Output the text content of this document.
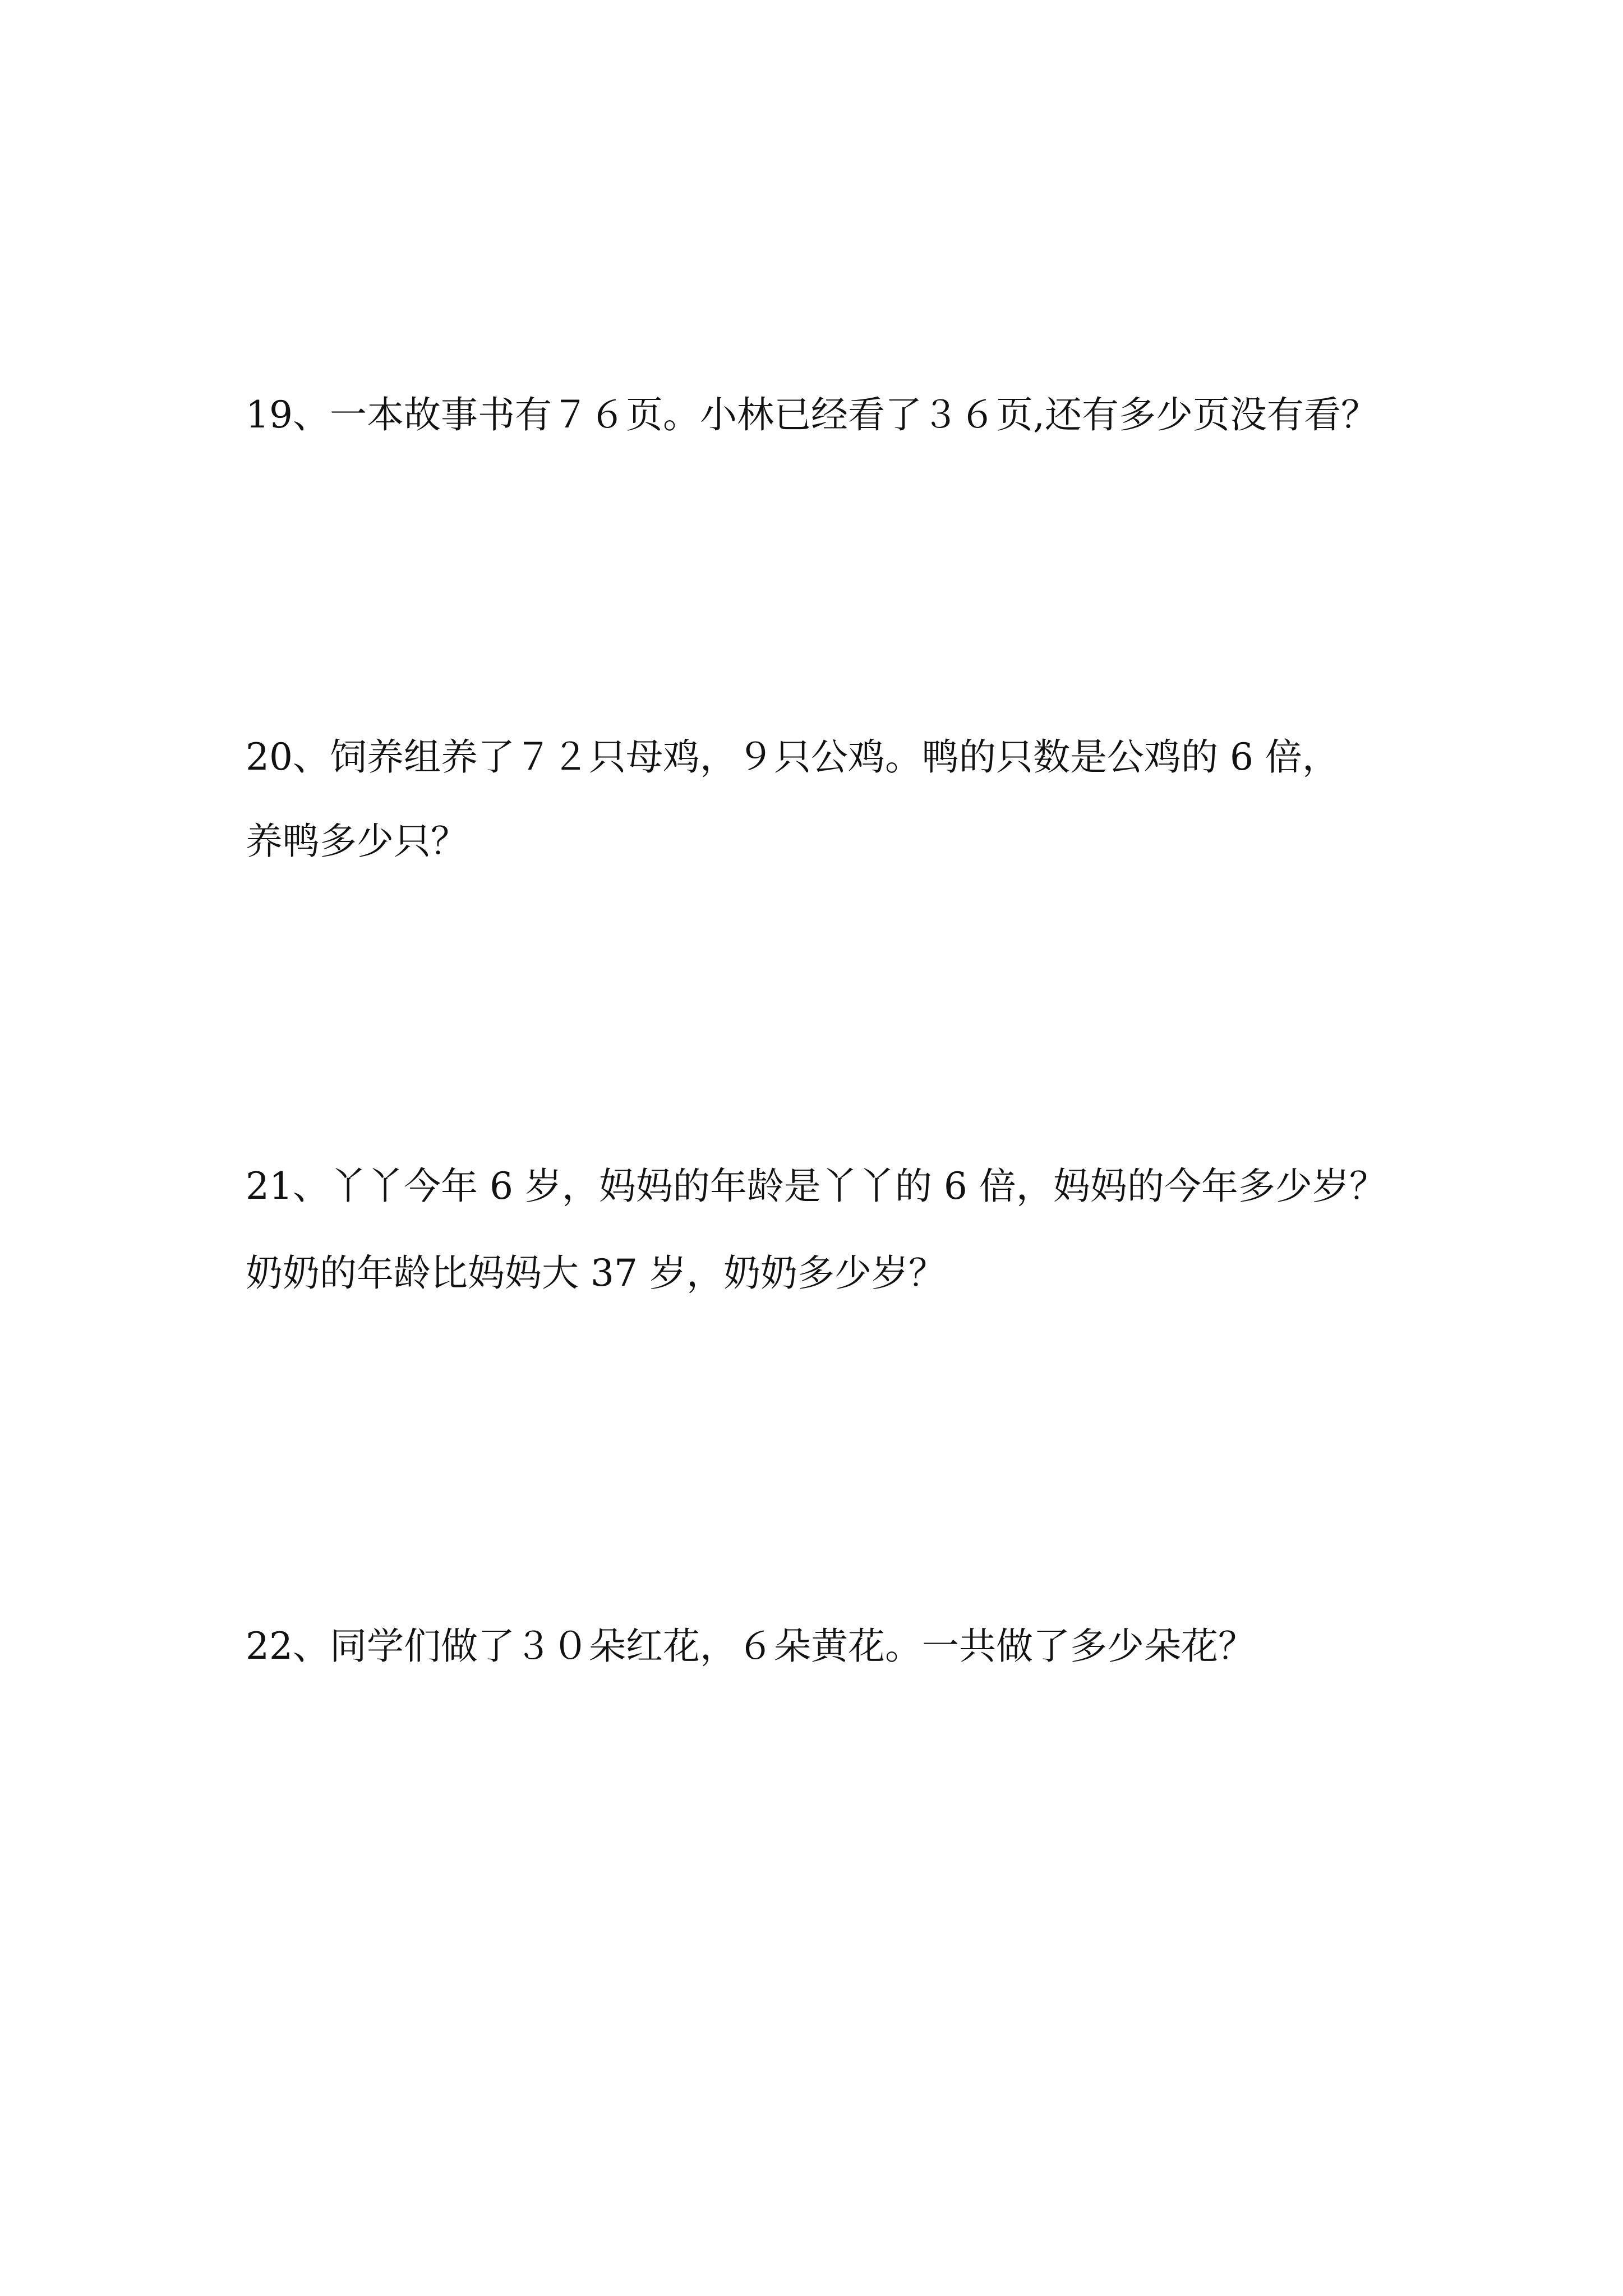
19、一本故事书有７６页。小林已经看了３６页,还有多少页没有看？

20、饲养组养了７２只母鸡，９只公鸡。鸭的只数是公鸡的 6 倍，

养鸭多少只？

21、丫丫今年 6 岁，妈妈的年龄是丫丫的 6 倍，妈妈的今年多少岁？

奶奶的年龄比妈妈大 37 岁，奶奶多少岁？

22、同学们做了３０朵红花，６朵黄花。一共做了多少朵花？
